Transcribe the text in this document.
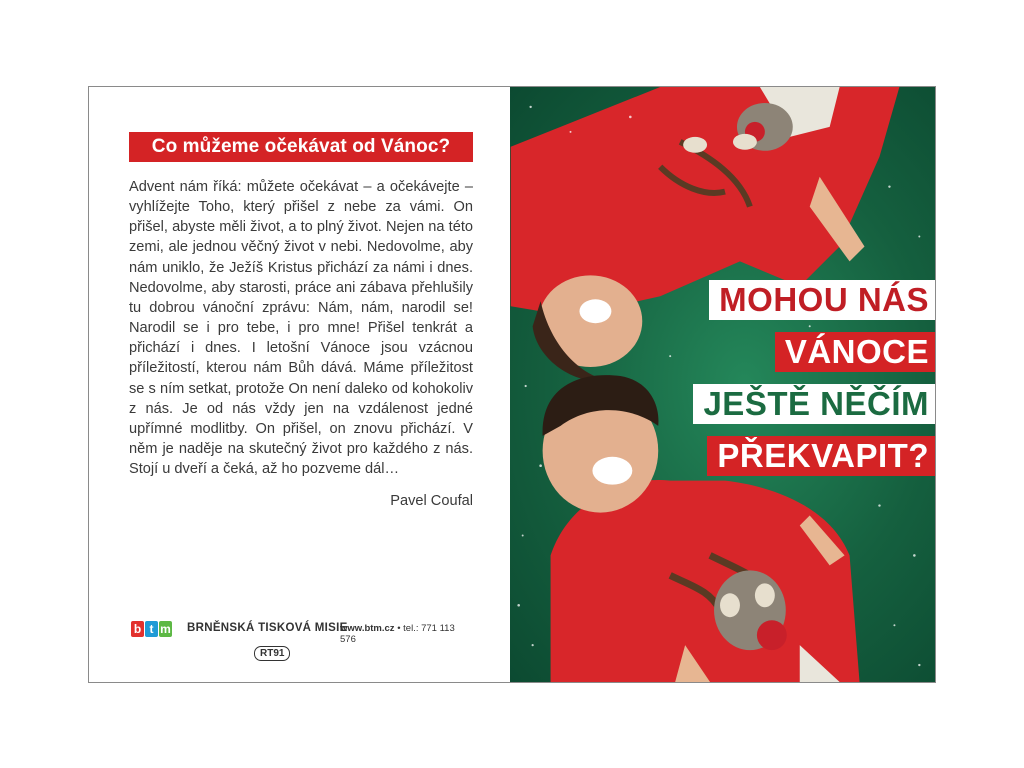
Co můžeme očekávat od Vánoc?
Advent nám říká: můžete očekávat – a očekávejte – vyhlížejte Toho, který přišel z nebe za vámi. On přišel, abyste měli život, a to plný život. Nejen na této zemi, ale jednou věčný život v nebi. Nedovolme, aby nám uniklo, že Ježíš Kristus přichází za námi i dnes. Nedovolme, aby starosti, práce ani zábava přehlušily tu dobrou vánoční zprávu: Nám, nám, narodil se! Narodil se i pro tebe, i pro mne! Přišel tenkrát a přichází i dnes. I letošní Vánoce jsou vzácnou příležitostí, kterou nám Bůh dává. Máme příležitost se s ním setkat, protože On není daleko od kohokoliv z nás. Je od nás vždy jen na vzdálenost jedné upřímné modlitby. On přišel, on znovu přichází. V něm je naděje na skutečný život pro každého z nás. Stojí u dveří a čeká, až ho pozveme dál…
Pavel Coufal
b t m BRNĚNSKÁ TISKOVÁ MISIE
www.btm.cz • tel.: 771 113 576
RT91
MOHOU NÁS
VÁNOCE
JEŠTĚ NĚČÍM
PŘEKVAPIT?
